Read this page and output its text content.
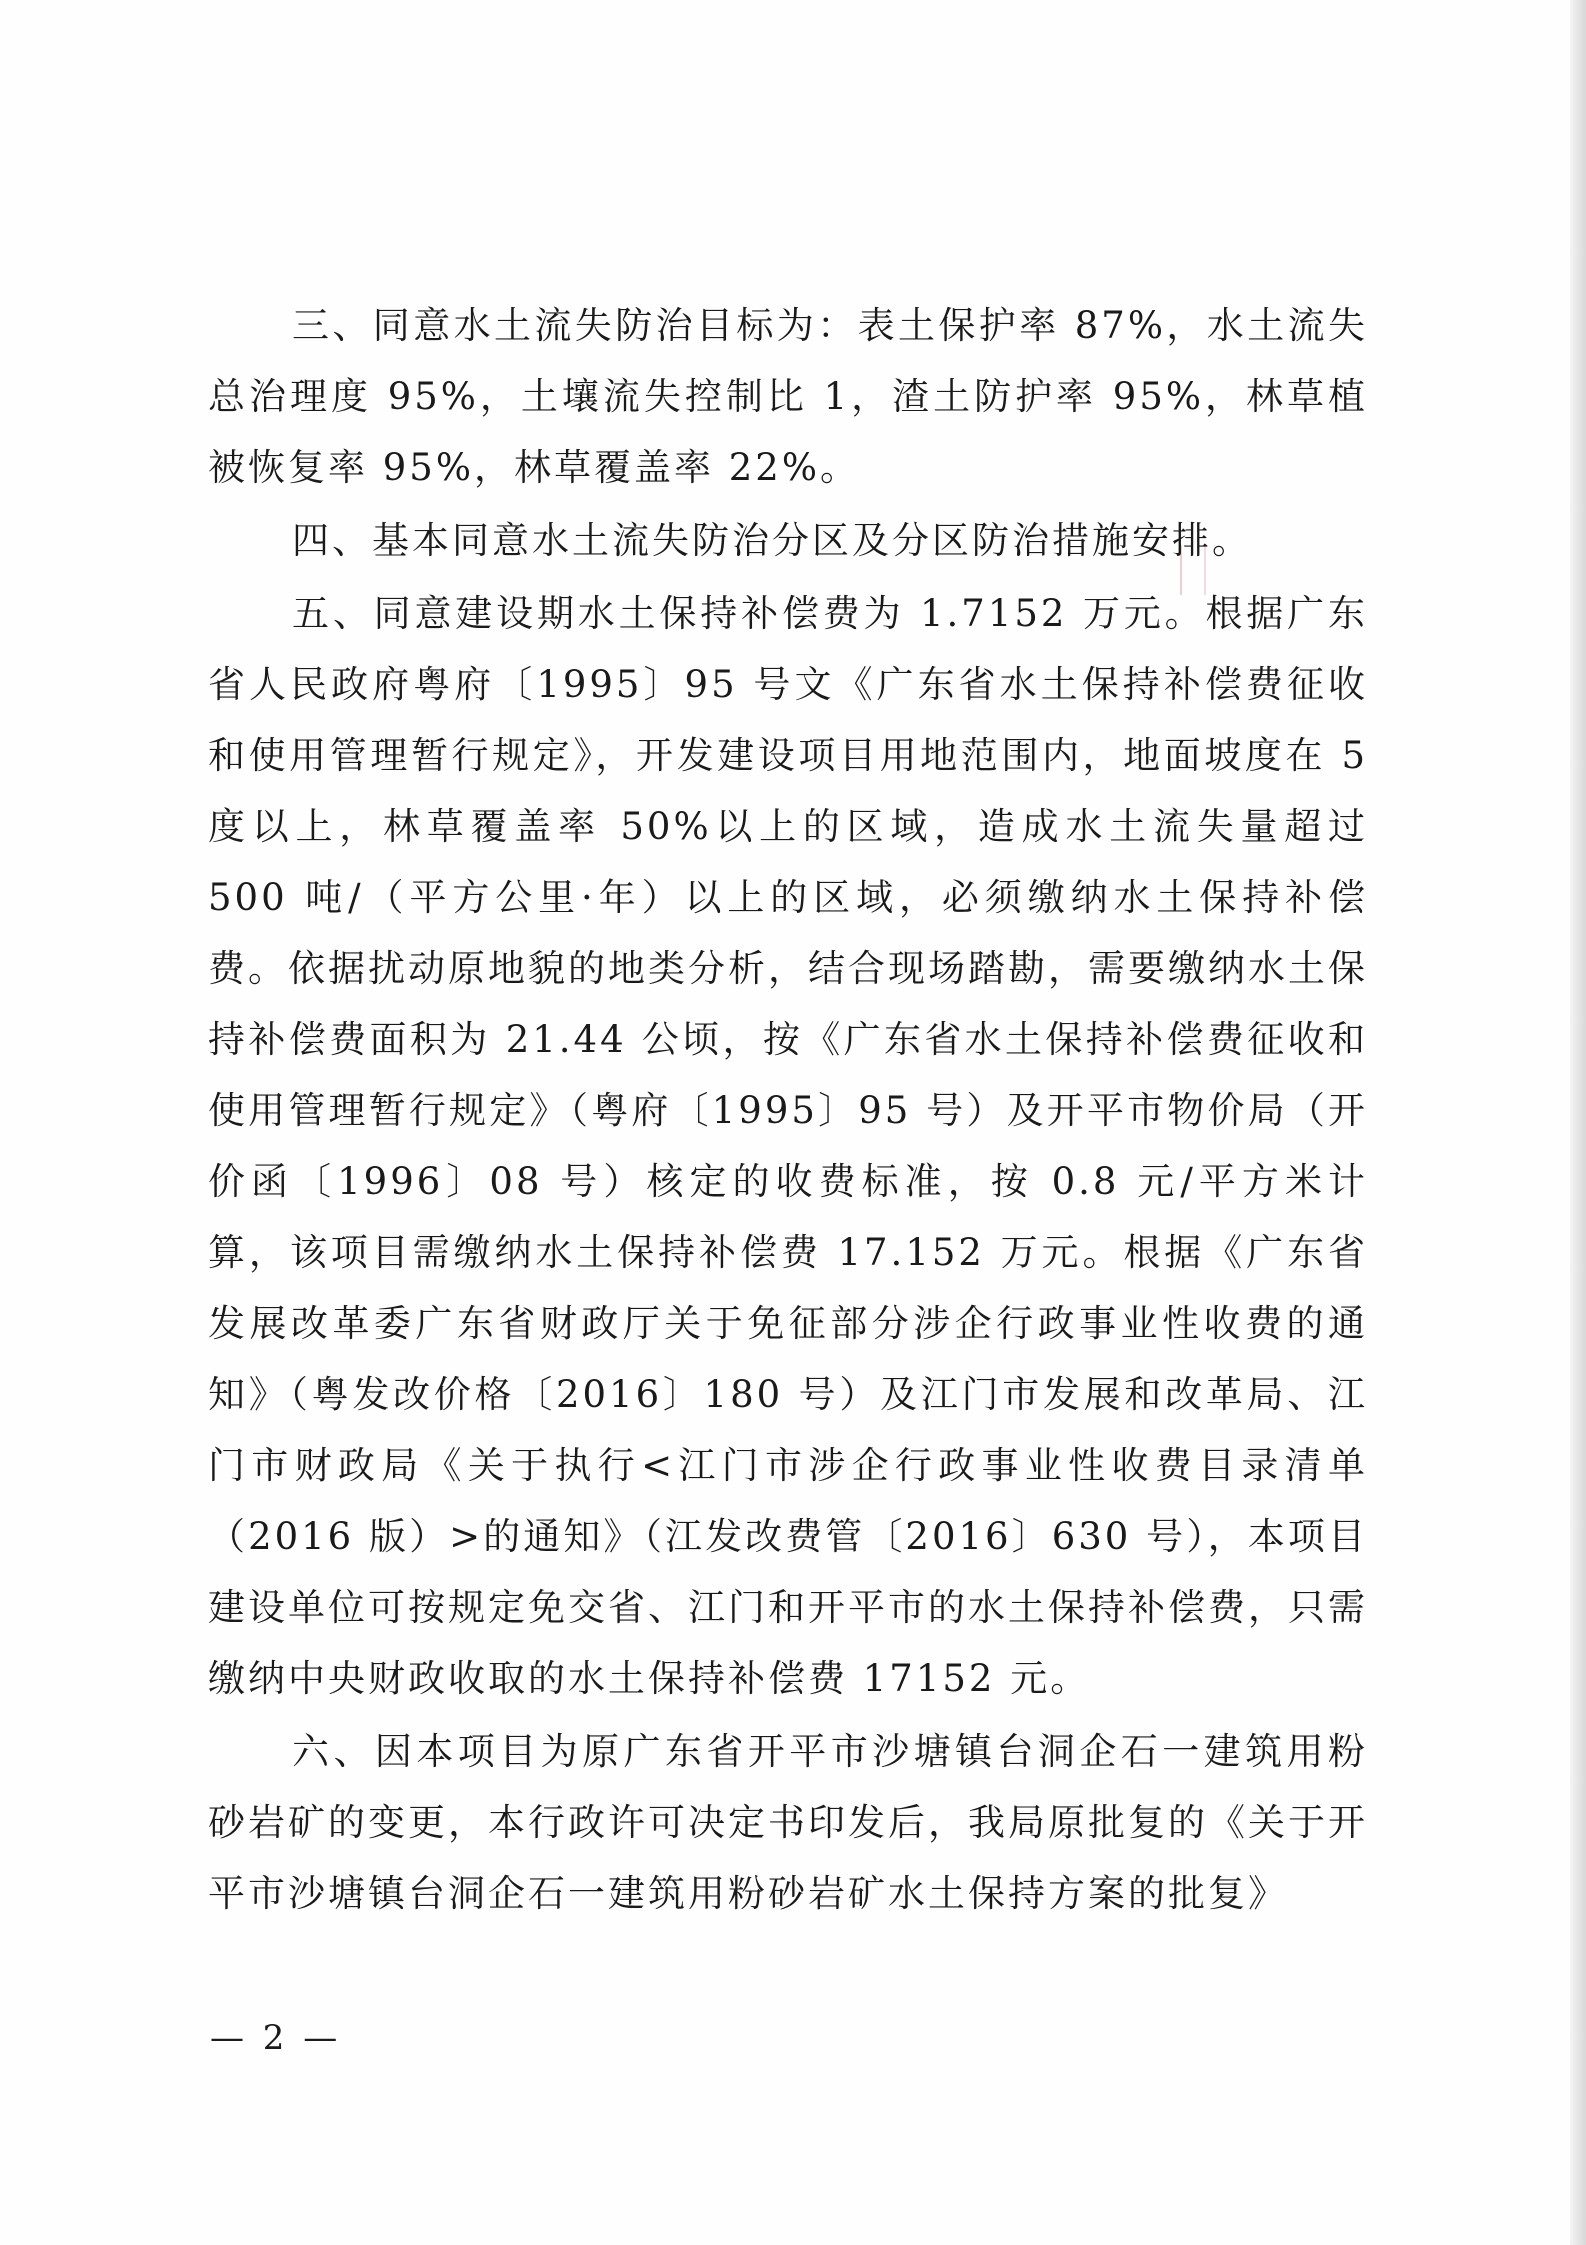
三、同意水土流失防治目标为：表土保护率 87%，水土流失总治理度 95%，土壤流失控制比 1，渣土防护率 95%，林草植被恢复率 95%，林草覆盖率 22%。

四、基本同意水土流失防治分区及分区防治措施安排。

五、同意建设期水土保持补偿费为 1.7152 万元。根据广东省人民政府粤府〔1995〕95 号文《广东省水土保持补偿费征收和使用管理暂行规定》，开发建设项目用地范围内，地面坡度在 5 度以上，林草覆盖率 50%以上的区域，造成水土流失量超过 500 吨/（平方公里·年）以上的区域，必须缴纳水土保持补偿费。依据扰动原地貌的地类分析，结合现场踏勘，需要缴纳水土保持补偿费面积为 21.44 公顷，按《广东省水土保持补偿费征收和使用管理暂行规定》（粤府〔1995〕95 号）及开平市物价局（开价函〔1996〕08 号）核定的收费标准，按 0.8 元/平方米计算，该项目需缴纳水土保持补偿费 17.152 万元。根据《广东省发展改革委广东省财政厅关于免征部分涉企行政事业性收费的通知》（粤发改价格〔2016〕180 号）及江门市发展和改革局、江门市财政局《关于执行<江门市涉企行政事业性收费目录清单（2016 版）>的通知》（江发改费管〔2016〕630 号），本项目建设单位可按规定免交省、江门和开平市的水土保持补偿费，只需缴纳中央财政收取的水土保持补偿费 17152 元。

六、因本项目为原广东省开平市沙塘镇台洞企石一建筑用粉砂岩矿的变更，本行政许可决定书印发后，我局原批复的《关于开平市沙塘镇台洞企石一建筑用粉砂岩矿水土保持方案的批复》

— 2 —
